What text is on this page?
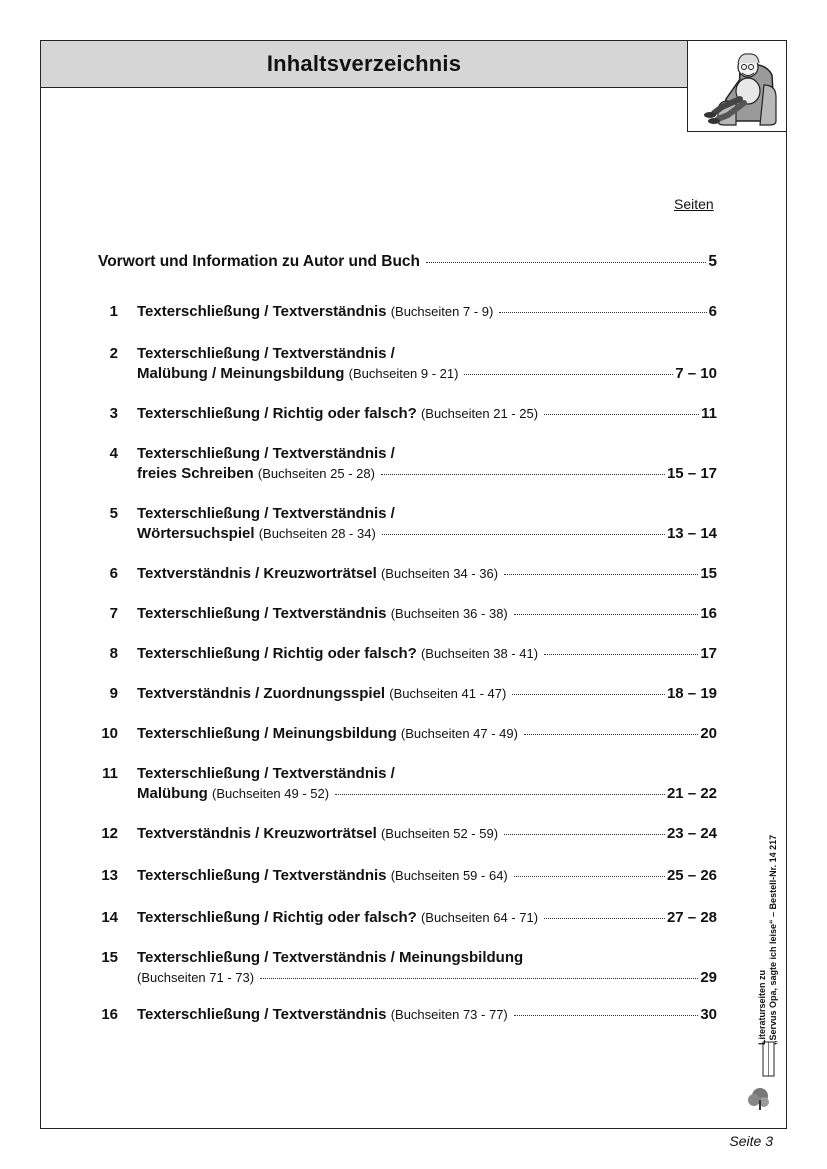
Inhaltsverzeichnis
Seiten
Vorwort und Information zu Autor und Buch	5
1 Texterschließung / Textverständnis
(Buchseiten 7 - 9)	6
2 Texterschließung / Textverständnis /
Malübung / Meinungsbildung
(Buchseiten 9 - 21)	7 – 10
3 Texterschließung / Richtig oder falsch?
(Buchseiten 21 - 25)	11
4 Texterschließung / Textverständnis /
freies Schreiben
(Buchseiten 25 - 28)	15 – 17
5 Texterschließung / Textverständnis /
Wörtersuchspiel
(Buchseiten 28 - 34)	13 – 14
6 Textverständnis / Kreuzworträtsel
(Buchseiten 34 - 36)	15
7 Texterschließung / Textverständnis
(Buchseiten 36 - 38)	16
8 Texterschließung / Richtig oder falsch?
(Buchseiten 38 - 41)	17
9 Textverständnis / Zuordnungsspiel
(Buchseiten 41 - 47)	18 – 19
10 Texterschließung / Meinungsbildung
(Buchseiten 47 - 49)	20
11 Texterschließung / Textverständnis /
Malübung
(Buchseiten 49 - 52)	21 – 22
12 Textverständnis / Kreuzworträtsel
(Buchseiten 52 - 59)	23 – 24
13 Texterschließung / Textverständnis
(Buchseiten 59 - 64)	25 – 26
14 Texterschließung / Richtig oder falsch?
(Buchseiten 64 - 71)	27 – 28
15 Texterschließung / Textverständnis / Meinungsbildung
(Buchseiten 71 - 73)	29
16 Texterschließung / Textverständnis
(Buchseiten 73 - 77)	30	Literaturseiten zu „Servus Opa, sagte ich leise“ – Bestell-Nr. 14 217
Seite 3
